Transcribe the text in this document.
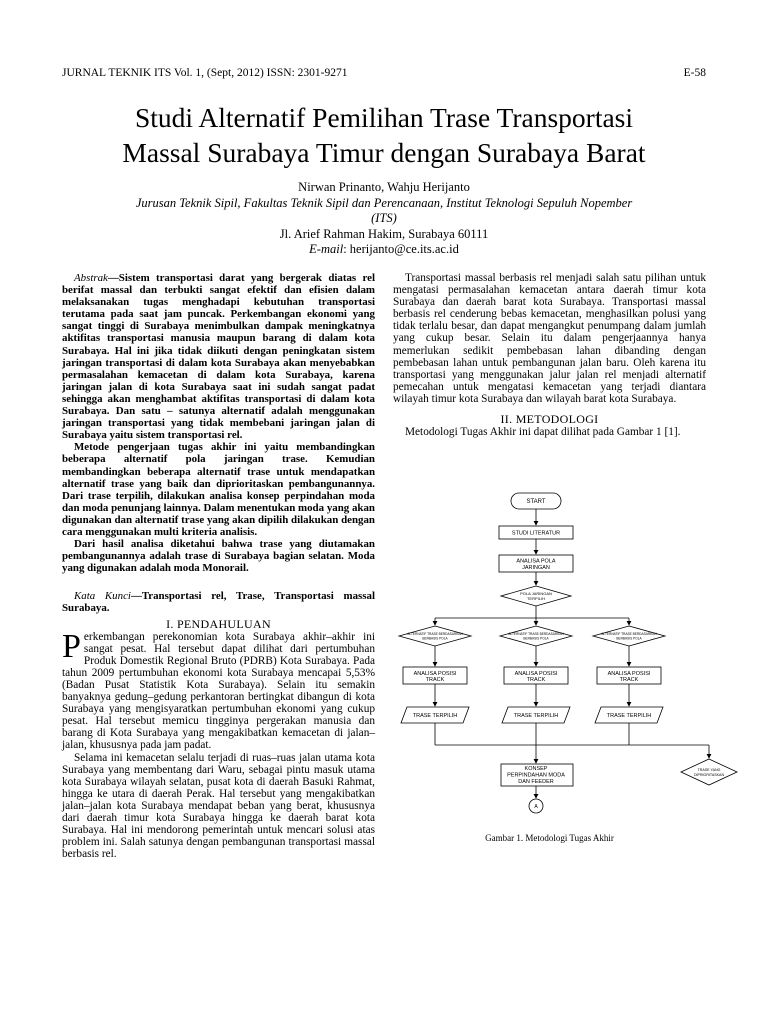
JURNAL TEKNIK ITS Vol. 1, (Sept, 2012) ISSN: 2301-9271	E-58
Studi Alternatif Pemilihan Trase Transportasi
Massal Surabaya Timur dengan Surabaya Barat
Nirwan Prinanto, Wahju Herijanto
Jurusan Teknik Sipil, Fakultas Teknik Sipil dan Perencanaan, Institut Teknologi Sepuluh Nopember
(ITS)
Jl. Arief Rahman Hakim, Surabaya 60111
E-mail: herijanto@ce.its.ac.id

Abstrak—Sistem transportasi darat yang bergerak diatas rel berifat massal dan terbukti sangat efektif dan efisien dalam melaksanakan tugas menghadapi kebutuhan transportasi terutama pada saat jam puncak. Perkembangan ekonomi yang sangat tinggi di Surabaya menimbulkan dampak meningkatnya aktifitas transportasi manusia maupun barang di dalam kota Surabaya. Hal ini jika tidak diikuti dengan peningkatan sistem jaringan transportasi di dalam kota Surabaya akan menyebabkan permasalahan kemacetan di dalam kota Surabaya, karena jaringan jalan di kota Surabaya saat ini sudah sangat padat sehingga akan menghambat aktifitas transportasi di dalam kota Surabaya. Dan satu – satunya alternatif adalah menggunakan jaringan transportasi yang tidak membebani jaringan jalan di Surabaya yaitu sistem transportasi rel.

Metode pengerjaan tugas akhir ini yaitu membandingkan beberapa alternatif pola jaringan trase. Kemudian membandingkan beberapa alternatif trase untuk mendapatkan alternatif trase yang baik dan diprioritaskan pembangunannya. Dari trase terpilih, dilakukan analisa konsep perpindahan moda dan moda penunjang lainnya. Dalam menentukan moda yang akan digunakan dan alternatif trase yang akan dipilih dilakukan dengan cara menggunakan multi kriteria analisis.

Dari hasil analisa diketahui bahwa trase yang diutamakan pembangunannya adalah trase di Surabaya bagian selatan. Moda yang digunakan adalah moda Monorail.

Kata Kunci—Transportasi rel, Trase, Transportasi massal Surabaya.
I. PENDAHULUAN

Perkembangan perekonomian kota Surabaya akhir–akhir ini sangat pesat. Hal tersebut dapat dilihat dari pertumbuhan Produk Domestik Regional Bruto (PDRB) Kota Surabaya. Pada tahun 2009 pertumbuhan ekonomi kota Surabaya mencapai 5,53% (Badan Pusat Statistik Kota Surabaya). Selain itu semakin banyaknya gedung–gedung perkantoran bertingkat dibangun di kota Surabaya yang mengisyaratkan pertumbuhan ekonomi yang cukup pesat. Hal tersebut memicu tingginya pergerakan manusia dan barang di Kota Surabaya yang mengakibatkan kemacetan di jalan–jalan, khususnya pada jam padat.

Selama ini kemacetan selalu terjadi di ruas–ruas jalan utama kota Surabaya yang membentang dari Waru, sebagai pintu masuk utama kota Surabaya wilayah selatan, pusat kota di daerah Basuki Rahmat, hingga ke utara di daerah Perak. Hal tersebut yang mengakibatkan jalan–jalan kota Surabaya mendapat beban yang berat, khususnya dari daerah timur kota Surabaya hingga ke daerah barat kota Surabaya. Hal ini mendorong pemerintah untuk mencari solusi atas problem ini. Salah satunya dengan pembangunan transportasi massal berbasis rel.

Transportasi massal berbasis rel menjadi salah satu pilihan untuk mengatasi permasalahan kemacetan antara daerah timur kota Surabaya dan daerah barat kota Surabaya. Transportasi massal berbasis rel cenderung bebas kemacetan, menghasilkan polusi yang tidak terlalu besar, dan dapat mengangkut penumpang dalam jumlah yang cukup besar. Selain itu dalam pengerjaannya hanya memerlukan sedikit pembebasan lahan dibanding dengan pembebasan lahan untuk pembangunan jalan baru. Oleh karena itu transportasi yang menggunakan jalur jalan rel menjadi alternatif pemecahan untuk mengatasi kemacetan yang terjadi diantara wilayah timur kota Surabaya dan wilayah barat kota Surabaya.

II. METODOLOGI

Metodologi Tugas Akhir ini dapat dilihat pada Gambar 1 [1].

START
STUDI LITERATUR
ANALISA POLA
JARINGAN
POLA JARINGAN
TERPILIH
ALTERNATIF TRASE BERDASARKAN
BERBASIS POLA
ALTERNATIF TRASE BERDASARKAN
BERBASIS POLA
ALTERNATIF TRASE BERDASARKAN
BERBASIS POLA
ANALISA POSISI
TRACK
ANALISA POSISI
TRACK
ANALISA POSISI
TRACK
TRASE TERPILIH	TRASE TERPILIH	TRASE TERPILIH
KONSEP
PERPINDAHAN MODA
DAN FEEDER
A
TRASE YANG
DIPRIORITASKAN
Gambar 1. Metodologi Tugas Akhir
